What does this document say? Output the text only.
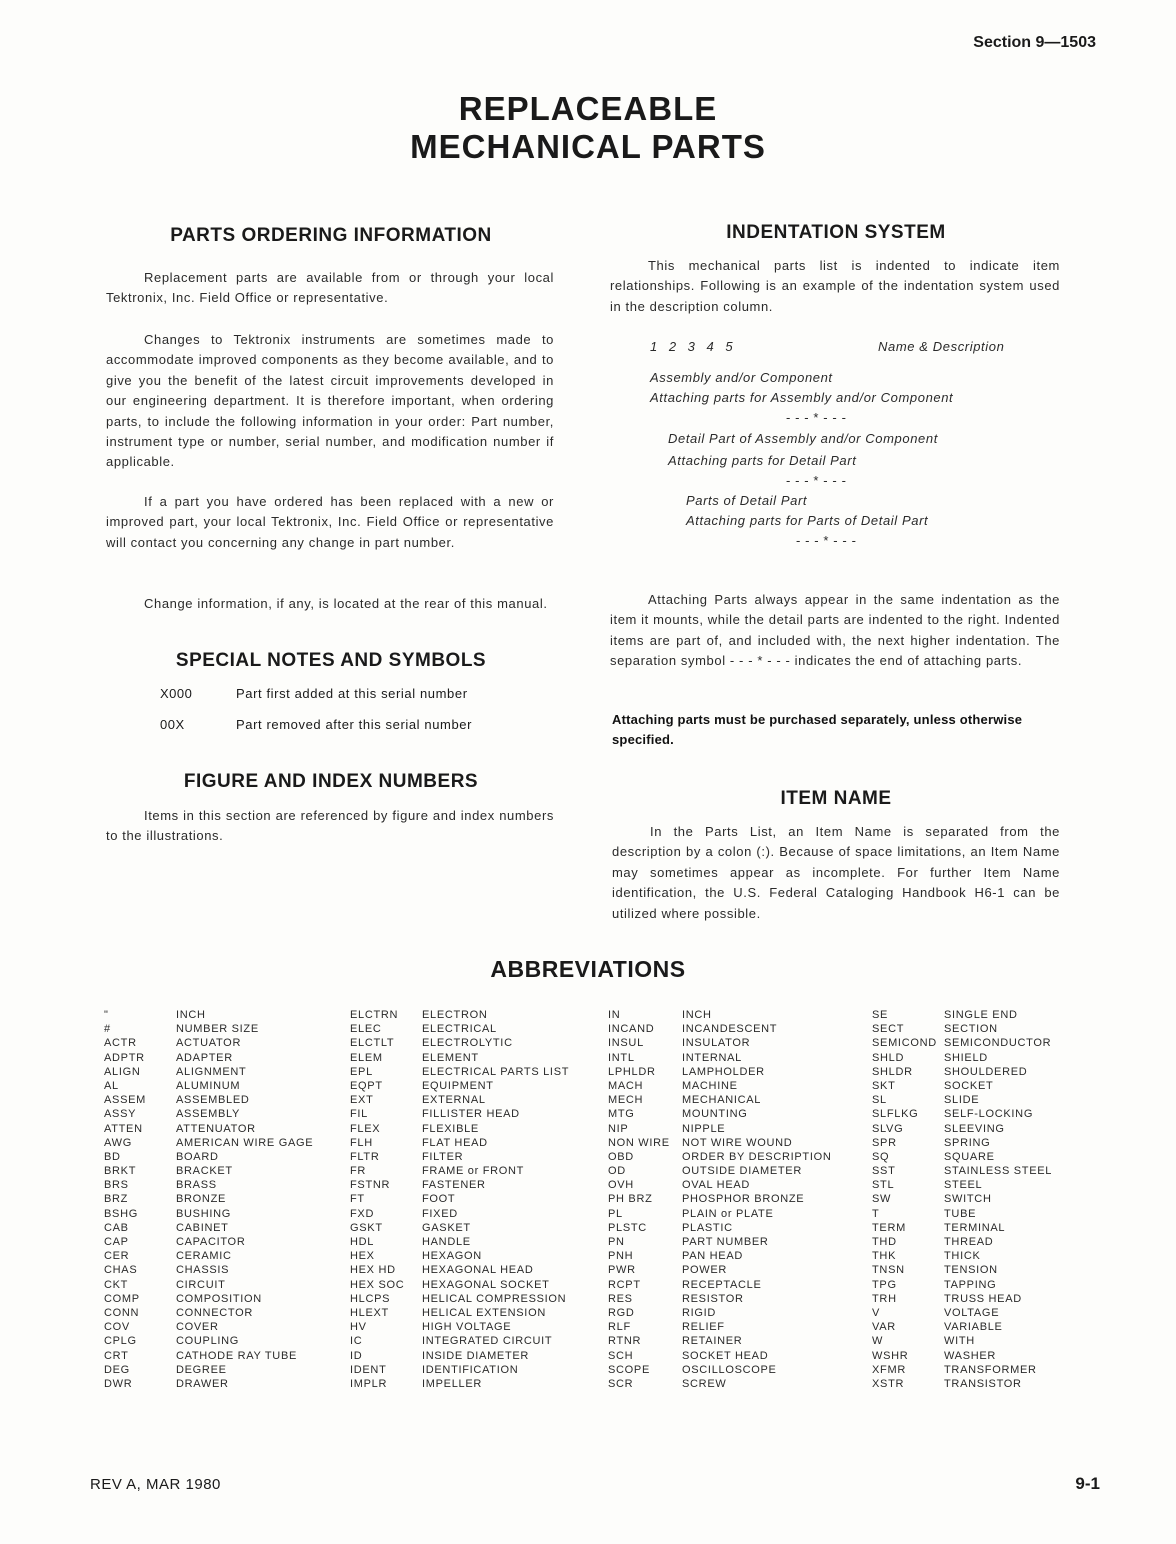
Section 9—1503
REPLACEABLE
MECHANICAL PARTS
PARTS ORDERING INFORMATION
Replacement parts are available from or through your local Tektronix, Inc. Field Office or representative.
Changes to Tektronix instruments are sometimes made to accommodate improved components as they become available, and to give you the benefit of the latest circuit improvements developed in our engineering department. It is therefore important, when ordering parts, to include the following information in your order: Part number, instrument type or number, serial number, and modification number if applicable.
If a part you have ordered has been replaced with a new or improved part, your local Tektronix, Inc. Field Office or representative will contact you concerning any change in part number.
Change information, if any, is located at the rear of this manual.
SPECIAL NOTES AND SYMBOLS
X000	Part first added at this serial number
00X	Part removed after this serial number
FIGURE AND INDEX NUMBERS
Items in this section are referenced by figure and index numbers to the illustrations.
INDENTATION SYSTEM
This mechanical parts list is indented to indicate item relationships. Following is an example of the indentation system used in the description column.
1 2 3 4 5	Name & Description
Assembly and/or Component
Attaching parts for Assembly and/or Component
- - - * - - -
Detail Part of Assembly and/or Component
Attaching parts for Detail Part
- - - * - - -
Parts of Detail Part
Attaching parts for Parts of Detail Part
- - - * - - -
Attaching Parts always appear in the same indentation as the item it mounts, while the detail parts are indented to the right. Indented items are part of, and included with, the next higher indentation. The separation symbol - - - * - - - indicates the end of attaching parts.
Attaching parts must be purchased separately, unless otherwise specified.
ITEM NAME
In the Parts List, an Item Name is separated from the description by a colon (:). Because of space limitations, an Item Name may sometimes appear as incomplete. For further Item Name identification, the U.S. Federal Cataloging Handbook H6-1 can be utilized where possible.
ABBREVIATIONS
"	INCH
#	NUMBER SIZE
ACTR	ACTUATOR
ADPTR	ADAPTER
ALIGN	ALIGNMENT
AL	ALUMINUM
ASSEM	ASSEMBLED
ASSY	ASSEMBLY
ATTEN	ATTENUATOR
AWG	AMERICAN WIRE GAGE
BD	BOARD
BRKT	BRACKET
BRS	BRASS
BRZ	BRONZE
BSHG	BUSHING
CAB	CABINET
CAP	CAPACITOR
CER	CERAMIC
CHAS	CHASSIS
CKT	CIRCUIT
COMP	COMPOSITION
CONN	CONNECTOR
COV	COVER
CPLG	COUPLING
CRT	CATHODE RAY TUBE
DEG	DEGREE
DWR	DRAWER
ELCTRN	ELECTRON
ELEC	ELECTRICAL
ELCTLT	ELECTROLYTIC
ELEM	ELEMENT
EPL	ELECTRICAL PARTS LIST
EQPT	EQUIPMENT
EXT	EXTERNAL
FIL	FILLISTER HEAD
FLEX	FLEXIBLE
FLH	FLAT HEAD
FLTR	FILTER
FR	FRAME or FRONT
FSTNR	FASTENER
FT	FOOT
FXD	FIXED
GSKT	GASKET
HDL	HANDLE
HEX	HEXAGON
HEX HD	HEXAGONAL HEAD
HEX SOC	HEXAGONAL SOCKET
HLCPS	HELICAL COMPRESSION
HLEXT	HELICAL EXTENSION
HV	HIGH VOLTAGE
IC	INTEGRATED CIRCUIT
ID	INSIDE DIAMETER
IDENT	IDENTIFICATION
IMPLR	IMPELLER
IN	INCH
INCAND	INCANDESCENT
INSUL	INSULATOR
INTL	INTERNAL
LPHLDR	LAMPHOLDER
MACH	MACHINE
MECH	MECHANICAL
MTG	MOUNTING
NIP	NIPPLE
NON WIRE	NOT WIRE WOUND
OBD	ORDER BY DESCRIPTION
OD	OUTSIDE DIAMETER
OVH	OVAL HEAD
PH BRZ	PHOSPHOR BRONZE
PL	PLAIN or PLATE
PLSTC	PLASTIC
PN	PART NUMBER
PNH	PAN HEAD
PWR	POWER
RCPT	RECEPTACLE
RES	RESISTOR
RGD	RIGID
RLF	RELIEF
RTNR	RETAINER
SCH	SOCKET HEAD
SCOPE	OSCILLOSCOPE
SCR	SCREW
SE	SINGLE END
SECT	SECTION
SEMICOND SEMICONDUCTOR
SHLD	SHIELD
SHLDR	SHOULDERED
SKT	SOCKET
SL	SLIDE
SLFLKG	SELF-LOCKING
SLVG	SLEEVING
SPR	SPRING
SQ	SQUARE
SST	STAINLESS STEEL
STL	STEEL
SW	SWITCH
T	TUBE
TERM	TERMINAL
THD	THREAD
THK	THICK
TNSN	TENSION
TPG	TAPPING
TRH	TRUSS HEAD
V	VOLTAGE
VAR	VARIABLE
W	WITH
WSHR	WASHER
XFMR	TRANSFORMER
XSTR	TRANSISTOR
REV A, MAR 1980	9-1
